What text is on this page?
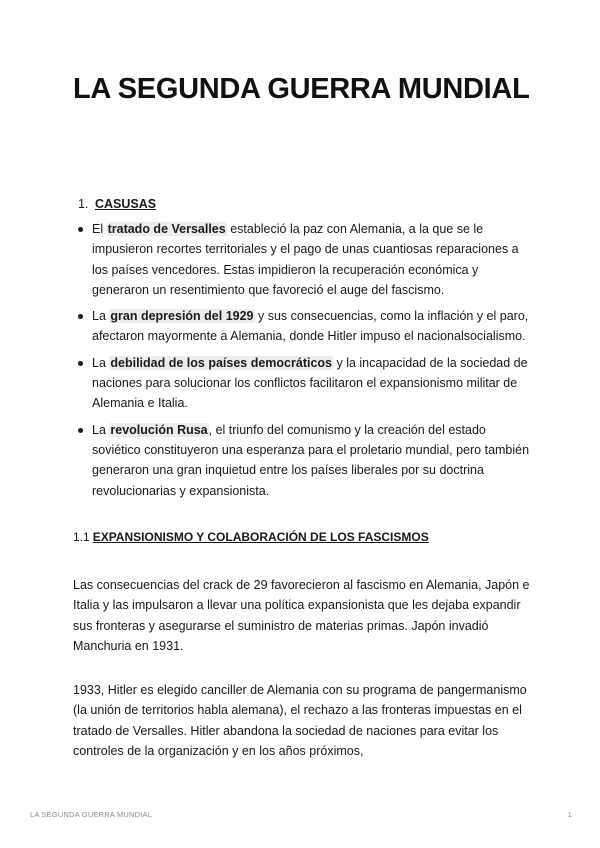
LA SEGUNDA GUERRA MUNDIAL
1. CASUSAS
El tratado de Versalles estableció la paz con Alemania, a la que se le impusieron recortes territoriales y el pago de unas cuantiosas reparaciones a los países vencedores. Estas impidieron la recuperación económica y generaron un resentimiento que favoreció el auge del fascismo.
La gran depresión del 1929 y sus consecuencias, como la inflación y el paro, afectaron mayormente a Alemania, donde Hitler impuso el nacionalsocialismo.
La debilidad de los países democráticos y la incapacidad de la sociedad de naciones para solucionar los conflictos facilitaron el expansionismo militar de Alemania e Italia.
La revolución Rusa, el triunfo del comunismo y la creación del estado soviético constituyeron una esperanza para el proletario mundial, pero también generaron una gran inquietud entre los países liberales por su doctrina revolucionarias y expansionista.
1.1 EXPANSIONISMO Y COLABORACIÓN DE LOS FASCISMOS

Las consecuencias del crack de 29 favorecieron al fascismo en Alemania, Japón e Italia y las impulsaron a llevar una política expansionista que les dejaba expandir sus fronteras y asegurarse el suministro de materias primas. Japón invadió Manchuria en 1931.

1933, Hitler es elegido canciller de Alemania con su programa de pangermanismo (la unión de territorios habla alemana), el rechazo a las fronteras impuestas en el tratado de Versalles. Hitler abandona la sociedad de naciones para evitar los controles de la organización y en los años próximos,

LA SEGUNDA GUERRA MUNDIAL	1
